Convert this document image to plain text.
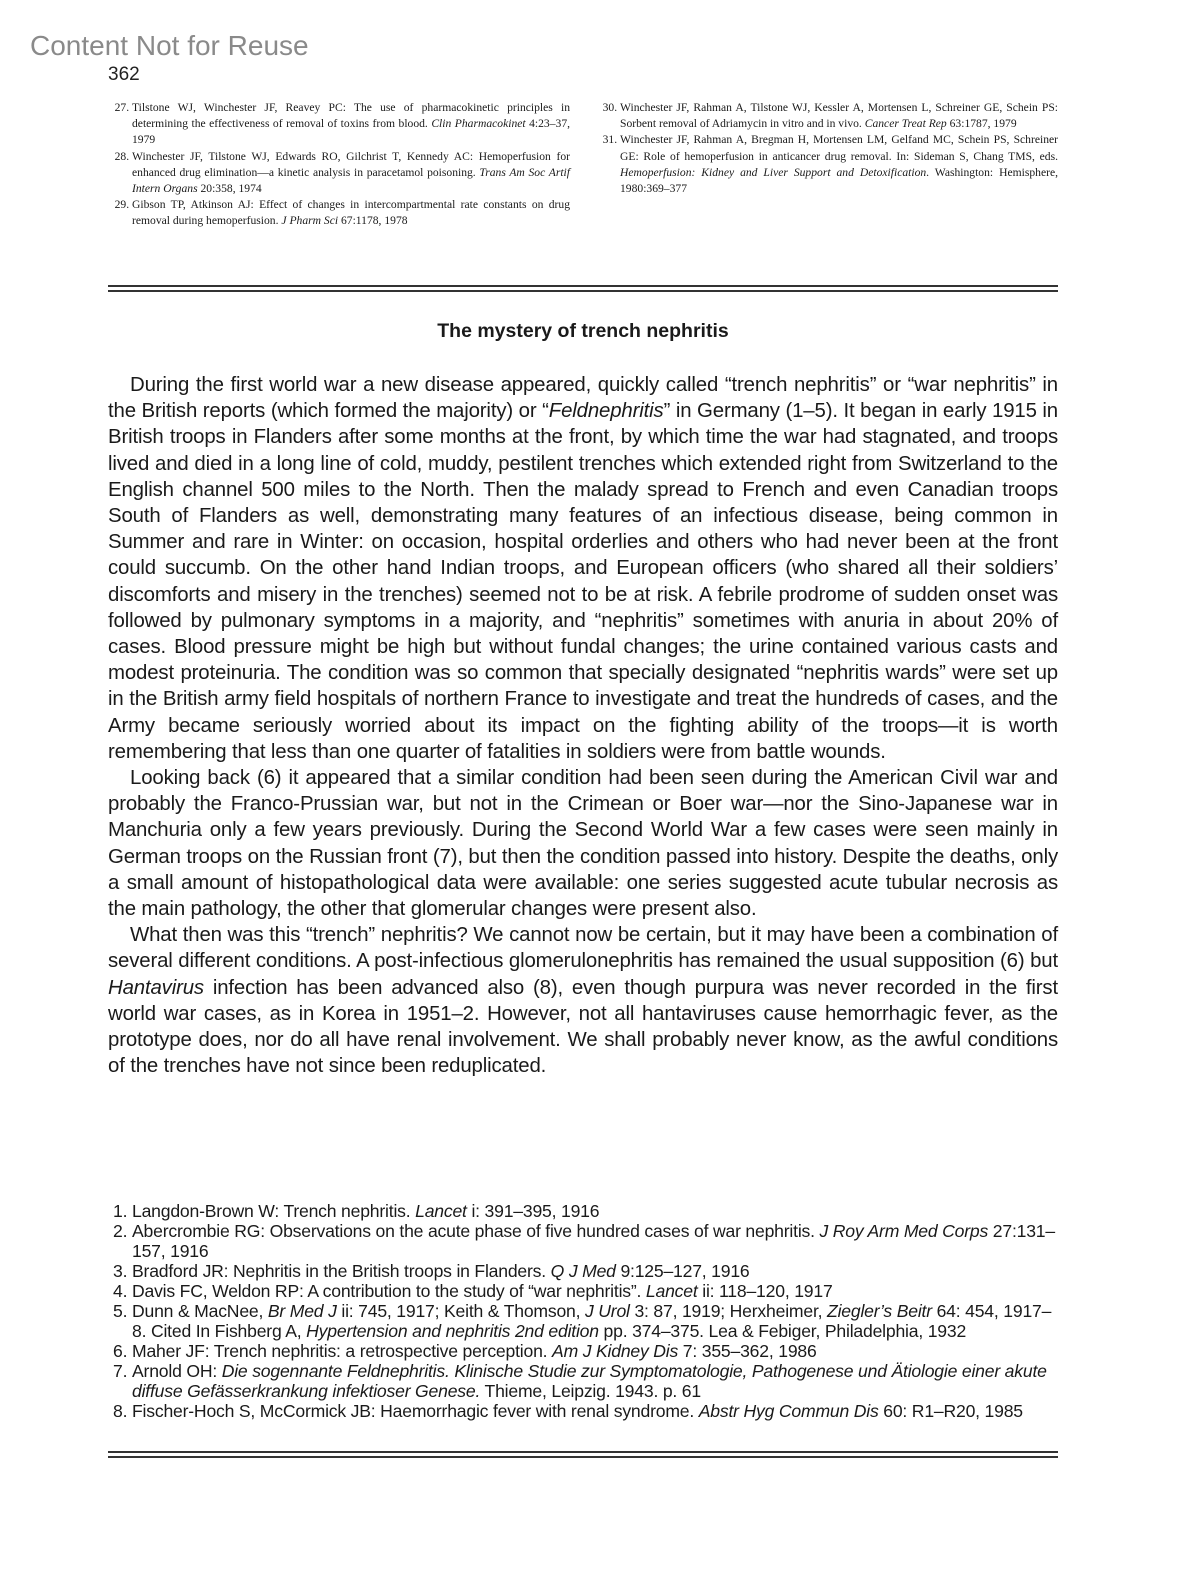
Content Not for Reuse
362
27. Tilstone WJ, Winchester JF, Reavey PC: The use of pharmacokinetic principles in determining the effectiveness of removal of toxins from blood. Clin Pharmacokinet 4:23–37, 1979
28. Winchester JF, Tilstone WJ, Edwards RO, Gilchrist T, Kennedy AC: Hemoperfusion for enhanced drug elimination—a kinetic analysis in paracetamol poisoning. Trans Am Soc Artif Intern Organs 20:358, 1974
29. Gibson TP, Atkinson AJ: Effect of changes in intercompartmental rate constants on drug removal during hemoperfusion. J Pharm Sci 67:1178, 1978
30. Winchester JF, Rahman A, Tilstone WJ, Kessler A, Mortensen L, Schreiner GE, Schein PS: Sorbent removal of Adriamycin in vitro and in vivo. Cancer Treat Rep 63:1787, 1979
31. Winchester JF, Rahman A, Bregman H, Mortensen LM, Gelfand MC, Schein PS, Schreiner GE: Role of hemoperfusion in anticancer drug removal. In: Sideman S, Chang TMS, eds. Hemoperfusion: Kidney and Liver Support and Detoxification. Washington: Hemisphere, 1980:369–377
The mystery of trench nephritis

During the first world war a new disease appeared, quickly called “trench nephritis” or “war nephritis” in the British reports (which formed the majority) or “Feldnephritis” in Germany (1–5). It began in early 1915 in British troops in Flanders after some months at the front, by which time the war had stagnated, and troops lived and died in a long line of cold, muddy, pestilent trenches which extended right from Switzerland to the English channel 500 miles to the North. Then the malady spread to French and even Canadian troops South of Flanders as well, demonstrating many features of an infectious disease, being common in Summer and rare in Winter: on occasion, hospital orderlies and others who had never been at the front could succumb. On the other hand Indian troops, and European officers (who shared all their soldiers’ discomforts and misery in the trenches) seemed not to be at risk. A febrile prodrome of sudden onset was followed by pulmonary symptoms in a majority, and “nephritis” sometimes with anuria in about 20% of cases. Blood pressure might be high but without fundal changes; the urine contained various casts and modest proteinuria. The condition was so common that specially designated “nephritis wards” were set up in the British army field hospitals of northern France to investigate and treat the hundreds of cases, and the Army became seriously worried about its impact on the fighting ability of the troops—it is worth remembering that less than one quarter of fatalities in soldiers were from battle wounds.

Looking back (6) it appeared that a similar condition had been seen during the American Civil war and probably the Franco-Prussian war, but not in the Crimean or Boer war—nor the Sino-Japanese war in Manchuria only a few years previously. During the Second World War a few cases were seen mainly in German troops on the Russian front (7), but then the condition passed into history. Despite the deaths, only a small amount of histopathological data were available: one series suggested acute tubular necrosis as the main pathology, the other that glomerular changes were present also.

What then was this “trench” nephritis? We cannot now be certain, but it may have been a combination of several different conditions. A post-infectious glomerulonephritis has remained the usual supposition (6) but Hantavirus infection has been advanced also (8), even though purpura was never recorded in the first world war cases, as in Korea in 1951–2. However, not all hantaviruses cause hemorrhagic fever, as the prototype does, nor do all have renal involvement. We shall probably never know, as the awful conditions of the trenches have not since been reduplicated.

1. Langdon-Brown W: Trench nephritis. Lancet i: 391–395, 1916
2. Abercrombie RG: Observations on the acute phase of five hundred cases of war nephritis. J Roy Arm Med Corps 27:131–157, 1916
3. Bradford JR: Nephritis in the British troops in Flanders. Q J Med 9:125–127, 1916
4. Davis FC, Weldon RP: A contribution to the study of “war nephritis”. Lancet ii: 118–120, 1917
5. Dunn & MacNee, Br Med J ii: 745, 1917; Keith & Thomson, J Urol 3: 87, 1919; Herxheimer, Ziegler’s Beitr 64: 454, 1917–8. Cited In Fishberg A, Hypertension and nephritis 2nd edition pp. 374–375. Lea & Febiger, Philadelphia, 1932
6. Maher JF: Trench nephritis: a retrospective perception. Am J Kidney Dis 7: 355–362, 1986
7. Arnold OH: Die sogennante Feldnephritis. Klinische Studie zur Symptomatologie, Pathogenese und Ätiologie einer akute diffuse Gefässerkrankung infektioser Genese. Thieme, Leipzig. 1943. p. 61
8. Fischer-Hoch S, McCormick JB: Haemorrhagic fever with renal syndrome. Abstr Hyg Commun Dis 60: R1–R20, 1985
